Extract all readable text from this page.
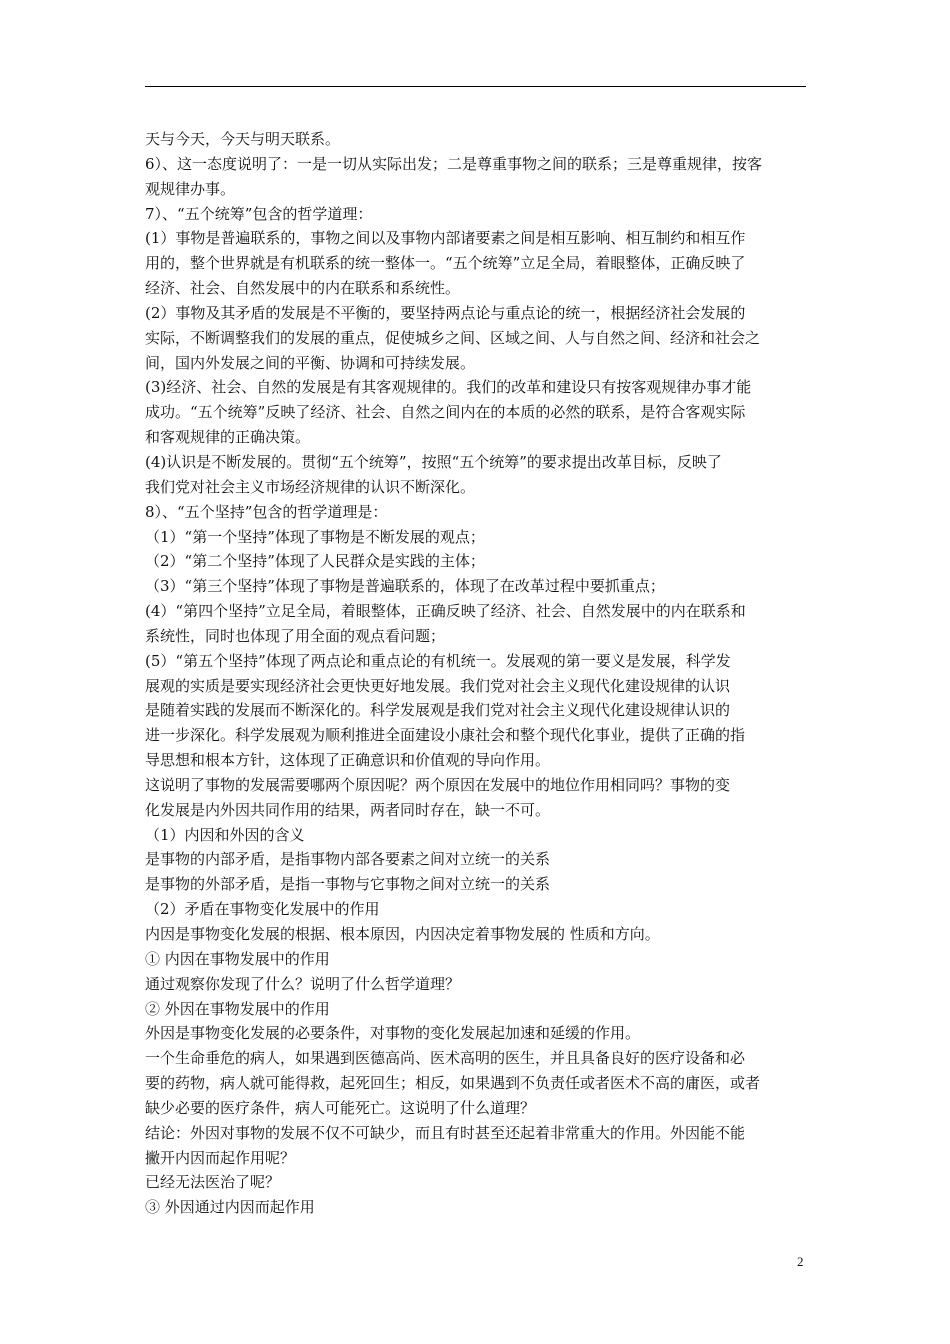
天与今天，今天与明天联系。
6）、这一态度说明了：一是一切从实际出发；二是尊重事物之间的联系；三是尊重规律，按客
观规律办事。
7）、“五个统筹”包含的哲学道理：
(1）事物是普遍联系的，事物之间以及事物内部诸要素之间是相互影响、相互制约和相互作
用的，整个世界就是有机联系的统一整体一。“五个统筹”立足全局，着眼整体，正确反映了
经济、社会、自然发展中的内在联系和系统性。
(2）事物及其矛盾的发展是不平衡的，要坚持两点论与重点论的统一，根据经济社会发展的
实际，不断调整我们的发展的重点，促使城乡之间、区域之间、人与自然之间、经济和社会之
间，国内外发展之间的平衡、协调和可持续发展。
(3)经济、社会、自然的发展是有其客观规律的。我们的改革和建设只有按客观规律办事才能
成功。“五个统筹”反映了经济、社会、自然之间内在的本质的必然的联系，是符合客观实际
和客观规律的正确决策。
(4)认识是不断发展的。贯彻“五个统筹”，按照“五个统筹”的要求提出改革目标，反映了
我们党对社会主义市场经济规律的认识不断深化。
8）、“五个坚持”包含的哲学道理是：
（1）“第一个坚持”体现了事物是不断发展的观点；
（2）“第二个坚持”体现了人民群众是实践的主体；
（3）“第三个坚持”体现了事物是普遍联系的，体现了在改革过程中要抓重点；
(4）“第四个坚持”立足全局，着眼整体，正确反映了经济、社会、自然发展中的内在联系和
系统性，同时也体现了用全面的观点看问题；
(5）“第五个坚持”体现了两点论和重点论的有机统一。发展观的第一要义是发展，科学发
展观的实质是要实现经济社会更快更好地发展。我们党对社会主义现代化建设规律的认识
是随着实践的发展而不断深化的。科学发展观是我们党对社会主义现代化建设规律认识的
进一步深化。科学发展观为顺利推进全面建设小康社会和整个现代化事业，提供了正确的指
导思想和根本方针，这体现了正确意识和价值观的导向作用。
这说明了事物的发展需要哪两个原因呢？两个原因在发展中的地位作用相同吗？事物的变
化发展是内外因共同作用的结果，两者同时存在，缺一不可。
（1）内因和外因的含义
是事物的内部矛盾，是指事物内部各要素之间对立统一的关系
是事物的外部矛盾，是指一事物与它事物之间对立统一的关系
（2）矛盾在事物变化发展中的作用
内因是事物变化发展的根据、根本原因，内因决定着事物发展的 性质和方向。
① 内因在事物发展中的作用
通过观察你发现了什么？说明了什么哲学道理？
② 外因在事物发展中的作用
外因是事物变化发展的必要条件，对事物的变化发展起加速和延缓的作用。
一个生命垂危的病人，如果遇到医德高尚、医术高明的医生，并且具备良好的医疗设备和必
要的药物，病人就可能得救，起死回生；相反，如果遇到不负责任或者医术不高的庸医，或者
缺少必要的医疗条件，病人可能死亡。这说明了什么道理？
结论：外因对事物的发展不仅不可缺少，而且有时甚至还起着非常重大的作用。外因能不能
撇开内因而起作用呢？
已经无法医治了呢？
③ 外因通过内因而起作用
2
